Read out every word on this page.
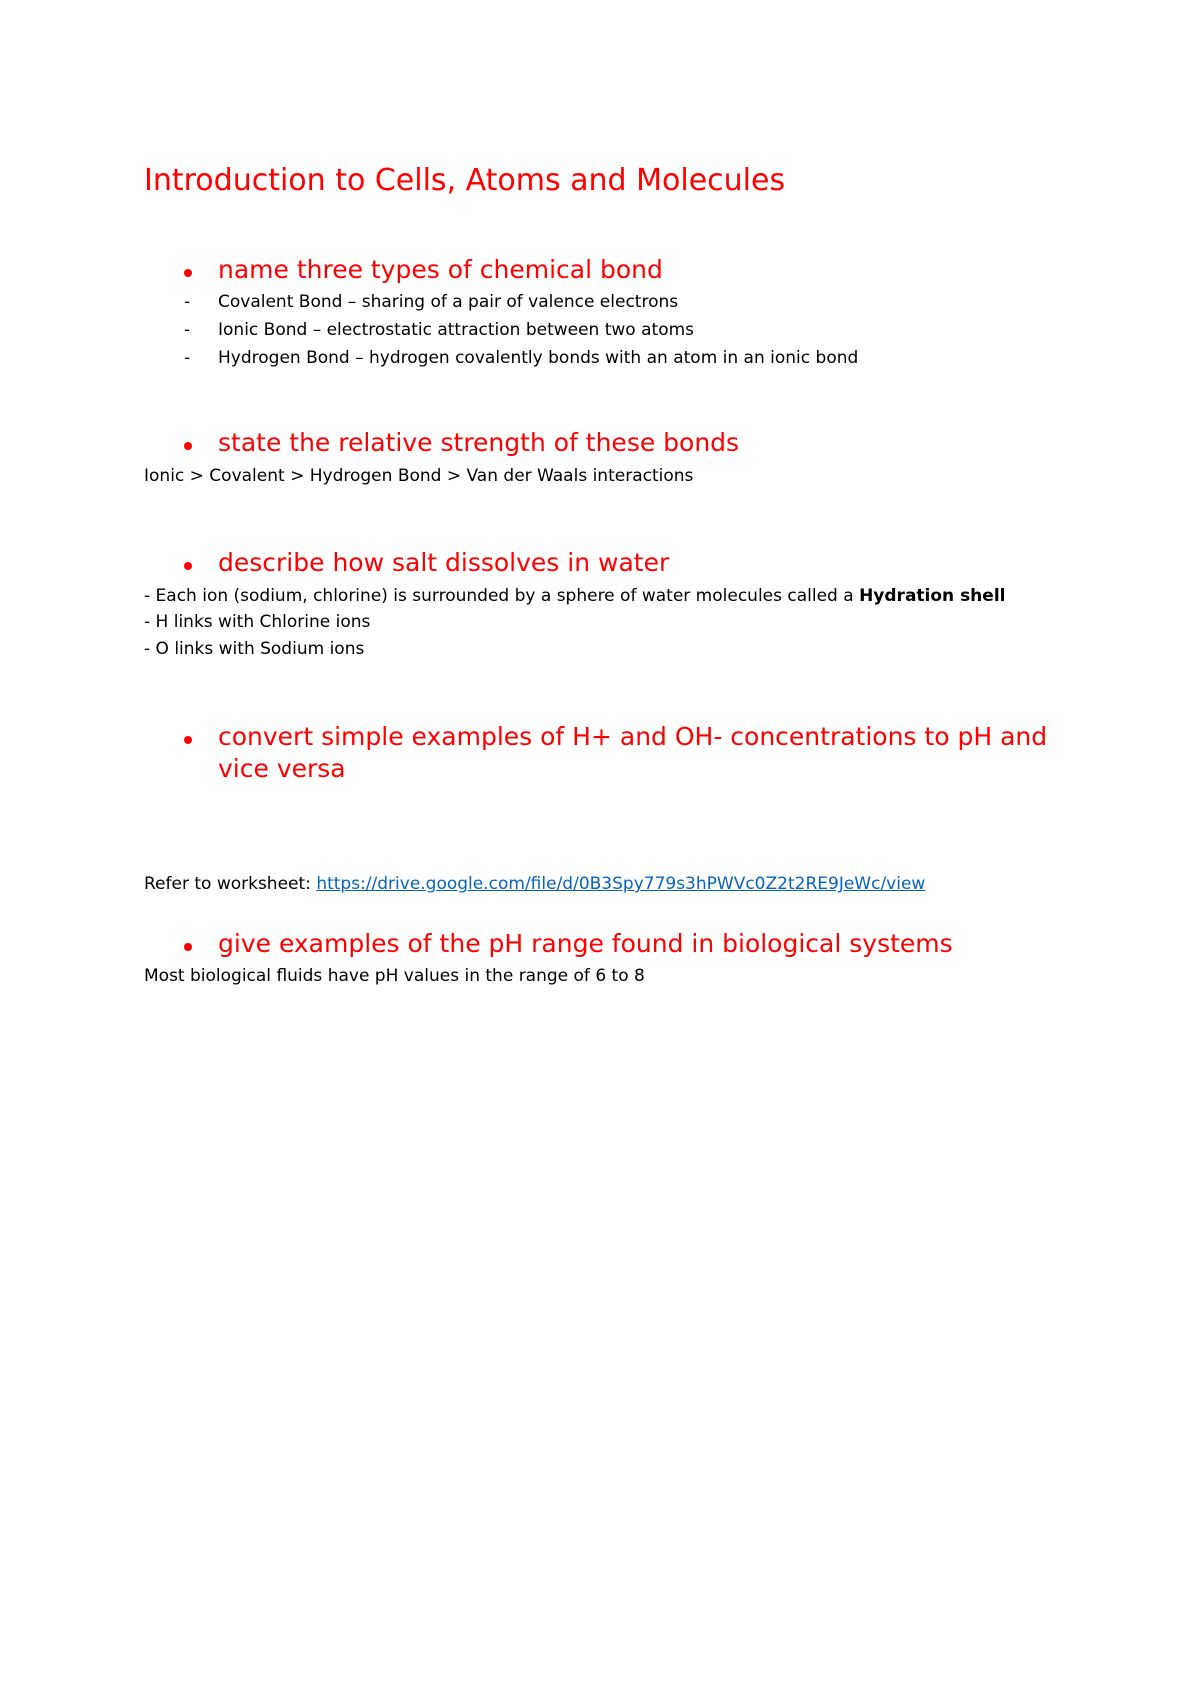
Introduction to Cells, Atoms and Molecules
name three types of chemical bond
- Covalent Bond – sharing of a pair of valence electrons
- Ionic Bond – electrostatic attraction between two atoms
- Hydrogen Bond – hydrogen covalently bonds with an atom in an ionic bond
state the relative strength of these bonds

Ionic > Covalent > Hydrogen Bond > Van der Waals interactions

describe how salt dissolves in water

- Each ion (sodium, chlorine) is surrounded by a sphere of water molecules called a Hydration shell

- H links with Chlorine ions

- O links with Sodium ions

convert simple examples of H+ and OH- concentrations to pH and vice versa

Refer to worksheet: https://drive.google.com/file/d/0B3Spy779s3hPWVc0Z2t2RE9JeWc/view

give examples of the pH range found in biological systems

Most biological fluids have pH values in the range of 6 to 8
